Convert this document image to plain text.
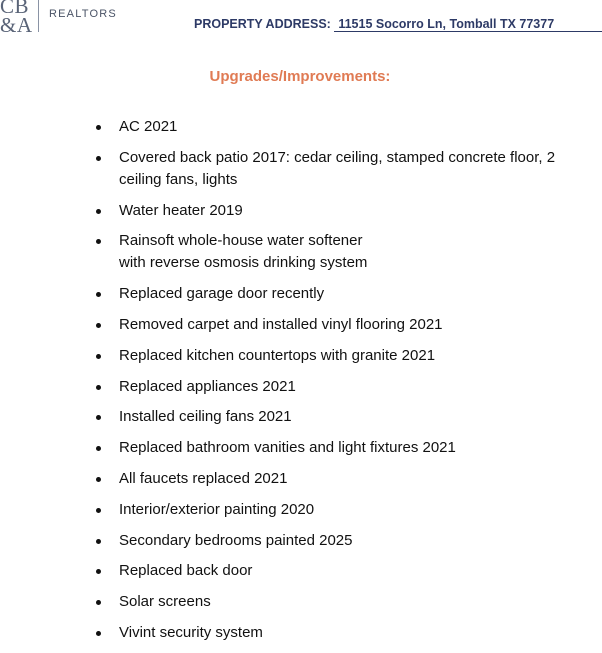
CB
&A REALTORS
PROPERTY ADDRESS: 11515 Socorro Ln, Tomball TX 77377
Upgrades/Improvements:
AC 2021
Covered back patio 2017: cedar ceiling, stamped concrete floor, 2 ceiling fans, lights
Water heater 2019
Rainsoft whole-house water softener
with reverse osmosis drinking system
Replaced garage door recently
Removed carpet and installed vinyl flooring 2021
Replaced kitchen countertops with granite 2021
Replaced appliances 2021
Installed ceiling fans 2021
Replaced bathroom vanities and light fixtures 2021
All faucets replaced 2021
Interior/exterior painting 2020
Secondary bedrooms painted 2025
Replaced back door
Solar screens
Vivint security system
